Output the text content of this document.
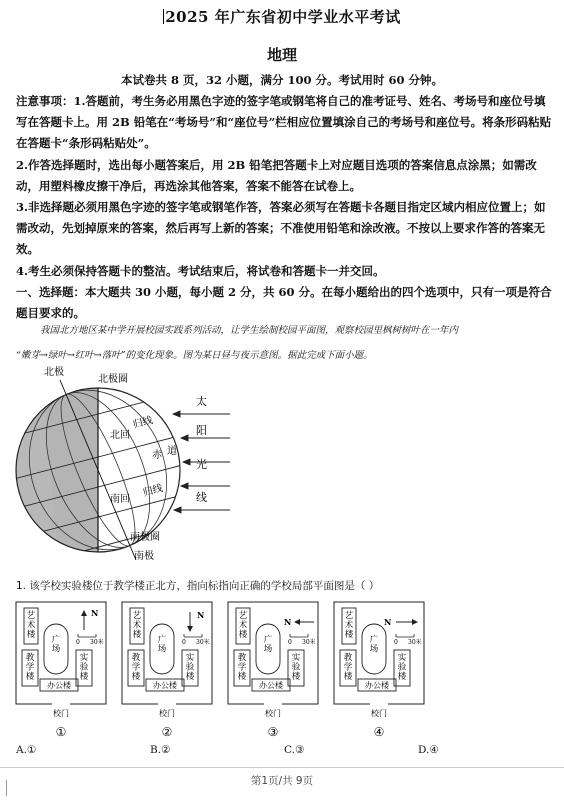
2025 年广东省初中学业水平考试
地理
本试卷共 8 页，32 小题，满分 100 分。考试用时 60 分钟。

注意事项：1.答题前，考生务必用黑色字迹的签字笔或钢笔将自己的准考证号、姓名、考场号和座位号填写在答题卡上。用 2B 铅笔在“考场号”和“座位号”栏相应位置填涂自己的考场号和座位号。将条形码粘贴在答题卡“条形码粘贴处”。

2.作答选择题时，选出每小题答案后，用 2B 铅笔把答题卡上对应题目选项的答案信息点涂黑；如需改动，用塑料橡皮擦干净后，再选涂其他答案，答案不能答在试卷上。

3.非选择题必须用黑色字迹的签字笔或钢笔作答，答案必须写在答题卡各题目指定区域内相应位置上；如需改动，先划掉原来的答案，然后再写上新的答案；不准使用铅笔和涂改液。不按以上要求作答的答案无效。

4.考生必须保持答题卡的整洁。考试结束后，将试卷和答题卡一并交回。

一、选择题：本大题共 30 小题，每小题 2 分，共 60 分。在每小题给出的四个选项中，只有一项是符合题目要求的。

我国北方地区某中学开展校园实践系列活动，让学生绘制校园平面图，观察校园里枫树树叶在一年内

“嫩芽→绿叶→红叶→落叶”的变化现象。图为某日昼与夜示意图。据此完成下面小题。

北极
北极圈
北回
归线
赤 道
南回
归线
南极圈
南极
太
阳
光
线
1. 该学校实验楼位于教学楼正北方，指向标指向正确的学校局部平面图是（ ）
艺术楼 广场
教学楼
实验楼
办公楼
校门
0 30米
N
①
艺术楼 广场
教学楼
实验楼
办公楼
校门
0 30米
N
②
艺术楼 广场
教学楼
实验楼
办公楼
校门
0 30米
N
③
艺术楼 广场
教学楼
实验楼
办公楼
校门
0 30米
N
④
A.①	B.②	C.③	D.④
第1页/共 9页
